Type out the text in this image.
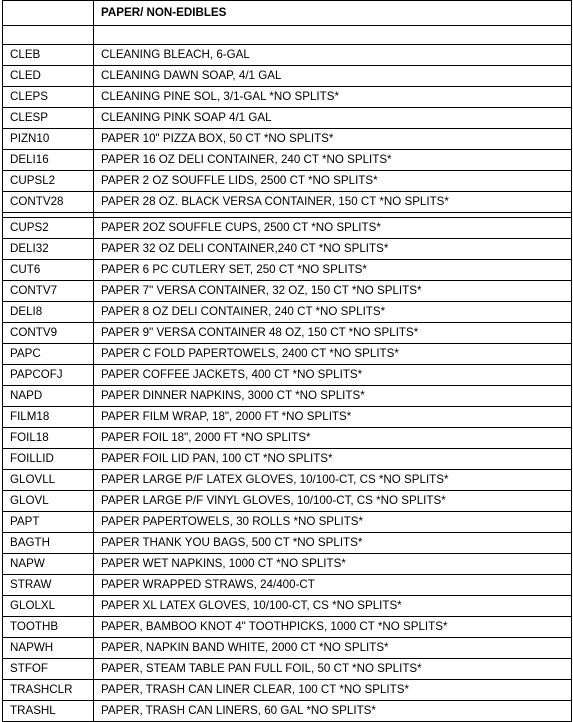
	PAPER/ NON-EDIBLES

CLEB	CLEANING BLEACH, 6-GAL
CLED	CLEANING DAWN SOAP, 4/1 GAL
CLEPS	CLEANING PINE SOL, 3/1-GAL *NO SPLITS*
CLESP	CLEANING PINK SOAP 4/1 GAL
PIZN10	PAPER 10" PIZZA BOX, 50 CT *NO SPLITS*
DELI16	PAPER 16 OZ DELI CONTAINER, 240 CT *NO SPLITS*
CUPSL2	PAPER 2 OZ SOUFFLE LIDS, 2500 CT *NO SPLITS*
CONTV28	PAPER 28 OZ. BLACK VERSA CONTAINER, 150 CT *NO SPLITS*

CUPS2	PAPER 2OZ SOUFFLE CUPS, 2500 CT *NO SPLITS*
DELI32	PAPER 32 OZ DELI CONTAINER,240 CT *NO SPLITS*
CUT6	PAPER 6 PC CUTLERY SET, 250 CT *NO SPLITS*
CONTV7	PAPER 7" VERSA CONTAINER, 32 OZ, 150 CT *NO SPLITS*
DELI8	PAPER 8 OZ DELI CONTAINER, 240 CT *NO SPLITS*
CONTV9	PAPER 9" VERSA CONTAINER 48 OZ, 150 CT *NO SPLITS*
PAPC	PAPER C FOLD PAPERTOWELS, 2400 CT *NO SPLITS*
PAPCOFJ	PAPER COFFEE JACKETS, 400 CT *NO SPLITS*
NAPD	PAPER DINNER NAPKINS, 3000 CT *NO SPLITS*
FILM18	PAPER FILM WRAP, 18", 2000 FT *NO SPLITS*
FOIL18	PAPER FOIL 18", 2000 FT *NO SPLITS*
FOILLID	PAPER FOIL LID PAN, 100 CT *NO SPLITS*
GLOVLL	PAPER LARGE P/F LATEX GLOVES, 10/100-CT, CS *NO SPLITS*
GLOVL	PAPER LARGE P/F VINYL GLOVES, 10/100-CT, CS *NO SPLITS*
PAPT	PAPER PAPERTOWELS, 30 ROLLS *NO SPLITS*
BAGTH	PAPER THANK YOU BAGS, 500 CT *NO SPLITS*
NAPW	PAPER WET NAPKINS, 1000 CT *NO SPLITS*
STRAW	PAPER WRAPPED STRAWS, 24/400-CT
GLOLXL	PAPER XL LATEX GLOVES, 10/100-CT, CS *NO SPLITS*
TOOTHB	PAPER, BAMBOO KNOT 4" TOOTHPICKS, 1000 CT *NO SPLITS*
NAPWH	PAPER, NAPKIN BAND WHITE, 2000 CT *NO SPLITS*
STFOF	PAPER, STEAM TABLE PAN FULL FOIL, 50 CT *NO SPLITS*
TRASHCLR	PAPER, TRASH CAN LINER CLEAR, 100 CT *NO SPLITS*
TRASHL	PAPER, TRASH CAN LINERS, 60 GAL *NO SPLITS*
